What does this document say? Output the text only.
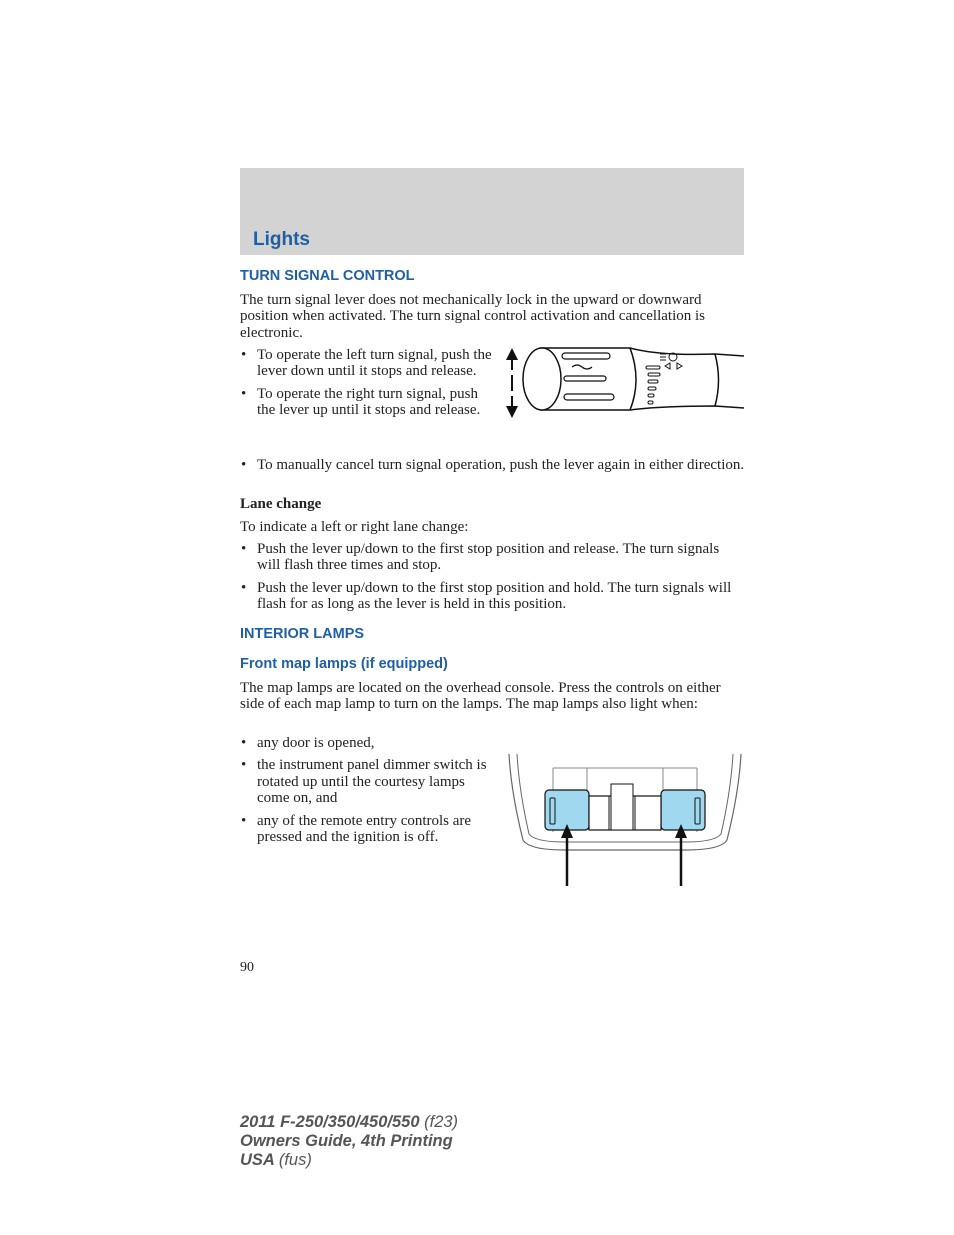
Lights
TURN SIGNAL CONTROL

The turn signal lever does not mechanically lock in the upward or downward position when activated. The turn signal control activation and cancellation is electronic.

• To operate the left turn signal, push the lever down until it stops and release.
• To operate the right turn signal, push the lever up until it stops and release.
• To manually cancel turn signal operation, push the lever again in either direction.
Lane change

To indicate a left or right lane change:

• Push the lever up/down to the first stop position and release. The turn signals will flash three times and stop.
• Push the lever up/down to the first stop position and hold. The turn signals will flash for as long as the lever is held in this position.
INTERIOR LAMPS
Front map lamps (if equipped)

The map lamps are located on the overhead console. Press the controls on either side of each map lamp to turn on the lamps. The map lamps also light when:

• any door is opened,
• the instrument panel dimmer switch is rotated up until the courtesy lamps come on, and
• any of the remote entry controls are pressed and the ignition is off.
90
2011 F-250/350/450/550 (f23)
Owners Guide, 4th Printing
USA (fus)
